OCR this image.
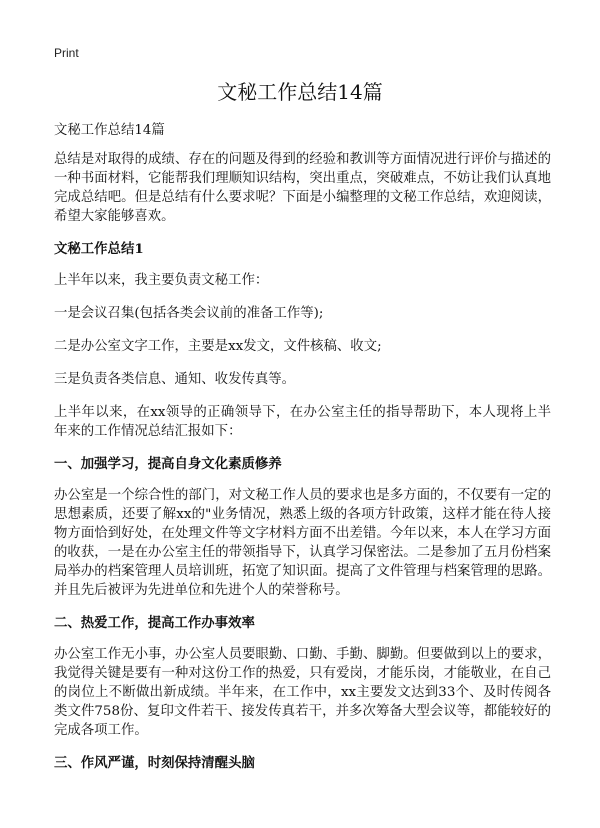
Print
文秘工作总结14篇

文秘工作总结14篇

总结是对取得的成绩、存在的问题及得到的经验和教训等方面情况进行评价与描述的一种书面材料，它能帮我们理顺知识结构，突出重点，突破难点，不妨让我们认真地完成总结吧。但是总结有什么要求呢？下面是小编整理的文秘工作总结，欢迎阅读，希望大家能够喜欢。

文秘工作总结1

上半年以来，我主要负责文秘工作：

一是会议召集(包括各类会议前的准备工作等);

二是办公室文字工作，主要是xx发文，文件核稿、收文;

三是负责各类信息、通知、收发传真等。

上半年以来，在xx领导的正确领导下，在办公室主任的指导帮助下，本人现将上半年来的工作情况总结汇报如下：

一、加强学习，提高自身文化素质修养

办公室是一个综合性的部门，对文秘工作人员的要求也是多方面的，不仅要有一定的思想素质，还要了解xx的"业务情况，熟悉上级的各项方针政策，这样才能在待人接物方面恰到好处，在处理文件等文字材料方面不出差错。今年以来，本人在学习方面的收获，一是在办公室主任的带领指导下，认真学习保密法。二是参加了五月份档案局举办的档案管理人员培训班，拓宽了知识面。提高了文件管理与档案管理的思路。并且先后被评为先进单位和先进个人的荣誉称号。

二、热爱工作，提高工作办事效率

办公室工作无小事，办公室人员要眼勤、口勤、手勤、脚勤。但要做到以上的要求，我觉得关键是要有一种对这份工作的热爱，只有爱岗，才能乐岗，才能敬业，在自己的岗位上不断做出新成绩。半年来，在工作中，xx主要发文达到33个、及时传阅各类文件758份、复印文件若干、接发传真若干，并多次筹备大型会议等，都能较好的完成各项工作。

三、作风严谨，时刻保持清醒头脑
